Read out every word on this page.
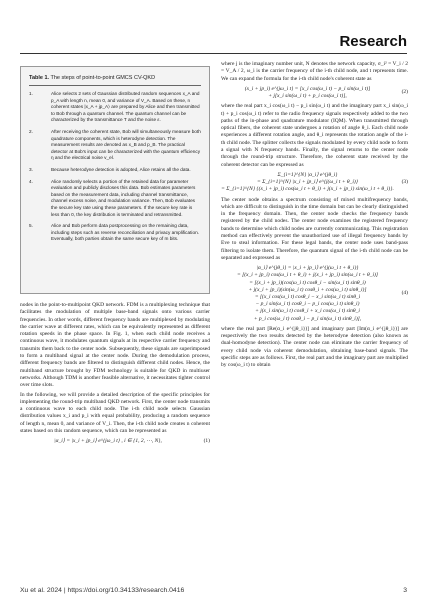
Research
Table 1. The steps of point-to-point GMCS CV-QKD
1.	Alice selects 2 sets of Gaussian distributed random sequences x_A and p_A with length n, mean 0, and variance of V_A. Based on these, n coherent states |x_A + jp_A⟩ are prepared by Alice and then transmitted to Bob through a quantum channel. The quantum channel can be characterized by the transmittance T and the noise ε.
2.	After receiving the coherent state, Bob will simultaneously measure both quadrature components, which is heterodyne detection. The measurement results are denoted as x_B and p_B. The practical detector at Bob's input can be characterized with the quantum efficiency η and the electrical noise v_el.
3.	Because heterodyne detection is adopted, Alice retains all the data.
4.	Alice randomly selects a portion of the retained data for parameter evaluation and publicly discloses this data. Bob estimates parameters based on the measurement data, including channel transmittance, channel excess noise, and modulation variance. Then, Bob evaluates the secure key rate using these parameters. If the secure key rate is less than 0, the key distribution is terminated and retransmitted.
5.	Alice and Bob perform data postprocessing on the remaining data, including steps such as reverse reconciliation and privacy amplification. Eventually, both parties obtain the same secure key of m bits.

nodes in the point-to-multipoint QKD network. FDM is a multiplexing technique that facilitates the modulation of multiple base-band signals onto various carrier frequencies. In other words, different frequency bands are multiplexed by modulating the carrier wave at different rates, which can be equivalently represented as different rotation speeds in the phase space. In Fig. 1, when each child node receives a continuous wave, it modulates quantum signals at its respective carrier frequency and transmits them back to the center node. Subsequently, these signals are superimposed to form a multiband signal at the center node. During the demodulation process, different frequency bands are filtered to distinguish different child nodes. Hence, the multiband structure brought by FDM technology is suitable for QKD in multiuser networks. Although TDM is another feasible alternative, it necessitates tighter control over time slots.

In the following, we will provide a detailed description of the specific principles for implementing the round-trip multiband QKD network. First, the center node transmits a continuous wave to each child node. The i-th child node selects Gaussian distribution values x_i and p_i with equal probability, producing a random sequence of length n, mean 0, and variance of V_i. Then, the i-th child node creates n coherent states based on this random sequence, which can be represented as

|α_i⟩ = |x_i + jp_i⟩ e^{jω_i t} , i ∈ {1, 2, ⋯, N},	(1)

where j is the imaginary number unit, N denotes the network capacity, σ_i² = V_i / 2 = V_A / 2, ω_i is the carrier frequency of the i-th child node, and t represents time. We can expand the formula for the i-th child node's coherent state as

(x_i + jp_i) e^{jω_i t} = [x_i cos(ω_i t) − p_i sin(ω_i t)]
+ j[x_i sin(ω_i t) + p_i cos(ω_i t)],
(2)

where the real part x_i cos(ω_i t) − p_i sin(ω_i t) and the imaginary part x_i sin(ω_i t) + p_i cos(ω_i t) refer to the radio frequency signals respectively added to the two paths of the in-phase and quadrature modulator (IQM). When transmitted through optical fibers, the coherent state undergoes a rotation of angle θ_i. Each child node experiences a different rotation angle, and θ_i represents the rotation angle of the i-th child node. The splitter collects the signals modulated by every child node to form a signal with N frequency bands. Finally, the signal returns to the center node through the round-trip structure. Therefore, the coherent state received by the coherent detector can be expressed as

Σ_{i=1}^{N} |α_i⟩ e^{jθ_i}
= Σ_{i=1}^{N} |x_i + jp_i⟩ e^{j(ω_i t + θ_i)}
= Σ_{i=1}^{N} {(x_i + jp_i) cos(ω_i t + θ_i) + j(x_i + jp_i) sin(ω_i t + θ_i)}.
(3)

The center node obtains a spectrum consisting of mixed multifrequency bands, which are difficult to distinguish in the time domain but can be clearly distinguished in the frequency domain. Then, the center node checks the frequency bands registered by the child nodes. The center node examines the registered frequency bands to determine which child nodes are currently communicating. This registration method can effectively prevent the unauthorized use of illegal frequency bands by Eve to steal information. For these legal bands, the center node uses band-pass filtering to isolate them. Therefore, the quantum signal of the i-th child node can be separated and expressed as

|α_i⟩ e^{jθ_i} = |x_i + jp_i⟩ e^{j(ω_i t + θ_i)}
= [(x_i + jp_i) cos(ω_i t + θ_i) + j(x_i + jp_i) sin(ω_i t + θ_i)]
= [(x_i + jp_i)(cos(ω_i t) cosθ_i − sin(ω_i t) sinθ_i)
+ j(x_i + jp_i)(sin(ω_i t) cosθ_i + cos(ω_i t) sinθ_i)]
= [(x_i cos(ω_i t) cosθ_i − x_i sin(ω_i t) sinθ_i
− p_i sin(ω_i t) cosθ_i − p_i cos(ω_i t) sinθ_i)
+ j(x_i sin(ω_i t) cosθ_i + x_i cos(ω_i t) sinθ_i
+ p_i cos(ω_i t) cosθ_i − p_i sin(ω_i t) sinθ_i)],
(4)

where the real part [Re(α_i e^{jθ_i})] and imaginary part [Im(α_i e^{jθ_i})] are respectively the two results detected by the heterodyne detection (also known as dual-homodyne detection). The center node can eliminate the carrier frequency of every child node via coherent demodulation, obtaining base-band signals. The specific steps are as follows. First, the real part and the imaginary part are multiplied by cos(ω_i t) to obtain

Xu et al. 2024 | https://doi.org/10.34133/research.0416	3
